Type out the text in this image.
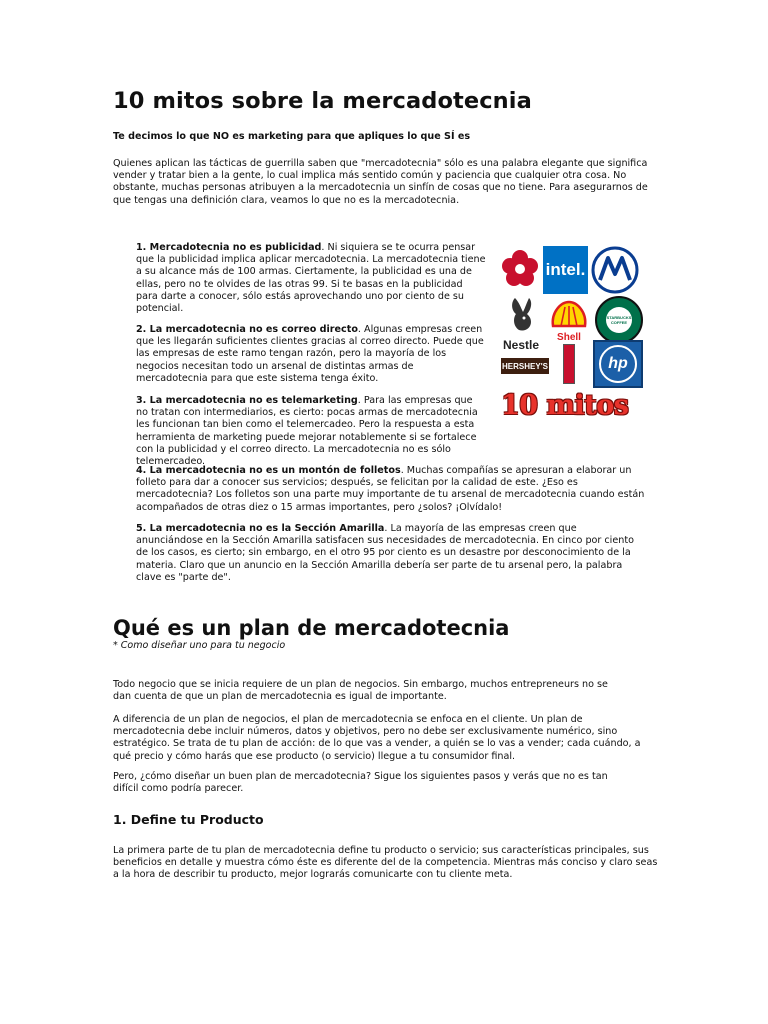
10 mitos sobre la mercadotecnia

Te decimos lo que NO es marketing para que apliques lo que SÍ es

Quienes aplican las tácticas de guerrilla saben que "mercadotecnia" sólo es una palabra elegante que significa vender y tratar bien a la gente, lo cual implica más sentido común y paciencia que cualquier otra cosa. No obstante, muchas personas atribuyen a la mercadotecnia un sinfín de cosas que no tiene. Para asegurarnos de que tengas una definición clara, veamos lo que no es la mercadotecnia.

1. Mercadotecnia no es publicidad. Ni siquiera se te ocurra pensar que la publicidad implica aplicar mercadotecnia. La mercadotecnia tiene a su alcance más de 100 armas. Ciertamente, la publicidad es una de ellas, pero no te olvides de las otras 99. Si te basas en la publicidad para darte a conocer, sólo estás aprovechando uno por ciento de su potencial.

2. La mercadotecnia no es correo directo. Algunas empresas creen que les llegarán suficientes clientes gracias al correo directo. Puede que las empresas de este ramo tengan razón, pero la mayoría de los negocios necesitan todo un arsenal de distintas armas de mercadotecnia para que este sistema tenga éxito.

3. La mercadotecnia no es telemarketing. Para las empresas que no tratan con intermediarios, es cierto: pocas armas de mercadotecnia les funcionan tan bien como el telemercadeo. Pero la respuesta a esta herramienta de marketing puede mejorar notablemente si se fortalece con la publicidad y el correo directo. La mercadotecnia no es sólo telemercadeo.

4. La mercadotecnia no es un montón de folletos. Muchas compañías se apresuran a elaborar un folleto para dar a conocer sus servicios; después, se felicitan por la calidad de este. ¿Eso es mercadotecnia? Los folletos son una parte muy importante de tu arsenal de mercadotecnia cuando están acompañados de otras diez o 15 armas importantes, pero ¿solos? ¡Olvídalo!

5. La mercadotecnia no es la Sección Amarilla. La mayoría de las empresas creen que anunciándose en la Sección Amarilla satisfacen sus necesidades de mercadotecnia. En cinco por ciento de los casos, es cierto; sin embargo, en el otro 95 por ciento es un desastre por desconocimiento de la materia. Claro que un anuncio en la Sección Amarilla debería ser parte de tu arsenal pero, la palabra clave es "parte de".

intel.
Shell
STARBUCKS COFFEE
Nestle
HERSHEY'S	hp
10 mitos
Qué es un plan de mercadotecnia

* Como diseñar uno para tu negocio

Todo negocio que se inicia requiere de un plan de negocios. Sin embargo, muchos entrepreneurs no se dan cuenta de que un plan de mercadotecnia es igual de importante.

A diferencia de un plan de negocios, el plan de mercadotecnia se enfoca en el cliente. Un plan de mercadotecnia debe incluir números, datos y objetivos, pero no debe ser exclusivamente numérico, sino estratégico. Se trata de tu plan de acción: de lo que vas a vender, a quién se lo vas a vender; cada cuándo, a qué precio y cómo harás que ese producto (o servicio) llegue a tu consumidor final.

Pero, ¿cómo diseñar un buen plan de mercadotecnia? Sigue los siguientes pasos y verás que no es tan difícil como podría parecer.

1. Define tu Producto

La primera parte de tu plan de mercadotecnia define tu producto o servicio; sus características principales, sus beneficios en detalle y muestra cómo éste es diferente del de la competencia. Mientras más conciso y claro seas a la hora de describir tu producto, mejor lograrás comunicarte con tu cliente meta.
